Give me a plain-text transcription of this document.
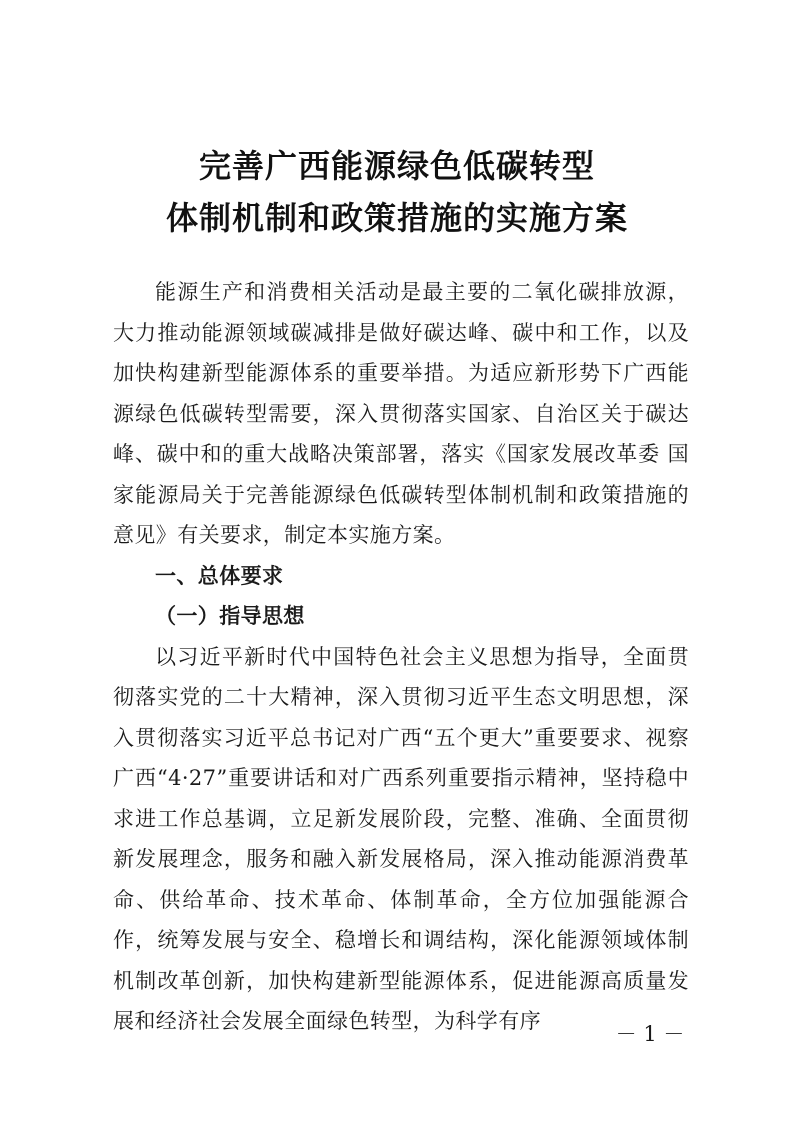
完善广西能源绿色低碳转型
体制机制和政策措施的实施方案

能源生产和消费相关活动是最主要的二氧化碳排放源，大力推动能源领域碳减排是做好碳达峰、碳中和工作，以及加快构建新型能源体系的重要举措。为适应新形势下广西能源绿色低碳转型需要，深入贯彻落实国家、自治区关于碳达峰、碳中和的重大战略决策部署，落实《国家发展改革委 国家能源局关于完善能源绿色低碳转型体制机制和政策措施的意见》有关要求，制定本实施方案。

一、总体要求

（一）指导思想

以习近平新时代中国特色社会主义思想为指导，全面贯彻落实党的二十大精神，深入贯彻习近平生态文明思想，深入贯彻落实习近平总书记对广西“五个更大”重要要求、视察广西“4·27”重要讲话和对广西系列重要指示精神，坚持稳中求进工作总基调，立足新发展阶段，完整、准确、全面贯彻新发展理念，服务和融入新发展格局，深入推动能源消费革命、供给革命、技术革命、体制革命，全方位加强能源合作，统筹发展与安全、稳增长和调结构，深化能源领域体制机制改革创新，加快构建新型能源体系，促进能源高质量发展和经济社会发展全面绿色转型，为科学有序

－ 1 －
